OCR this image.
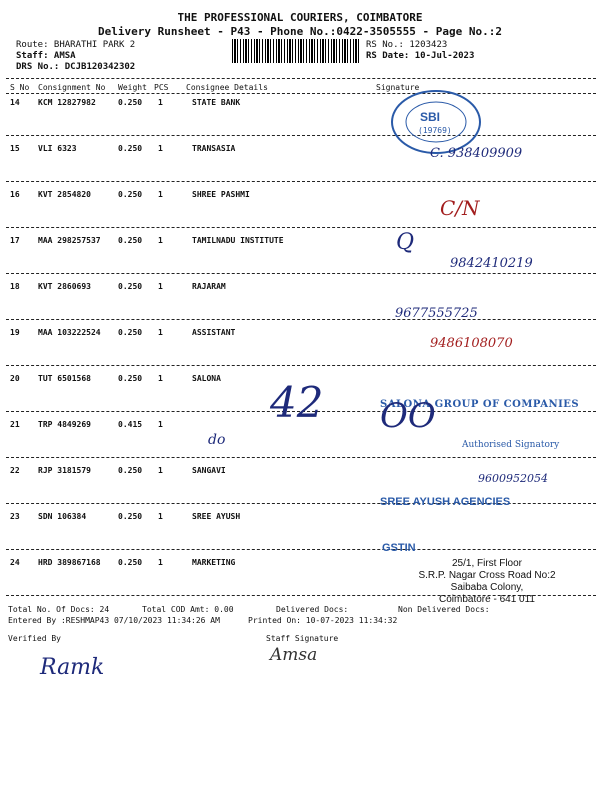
THE PROFESSIONAL COURIERS, COIMBATORE
Delivery Runsheet - P43 - Phone No.:0422-3505555 - Page No.:2
Route: BHARATHI PARK 2
Staff: AMSA
DRS No.: DCJB120342302
RS No.: 1203423
RS Date: 10-Jul-2023
S No Consignment No Weight PCS Consignee Details	Signature
14 KCM 12827982	0.250 1	STATE BANK
15 VLI 6323	0.250 1	TRANSASIA
16 KVT 2854820	0.250 1	SHREE PASHMI
17 MAA 298257537 0.250 1	TAMILNADU INSTITUTE
18 KVT 2860693	0.250 1	RAJARAM
19 MAA 103222524 0.250 1	ASSISTANT
20 TUT 6501568	0.250 1	SALONA
21 TRP 4849269	0.415 1
22 RJP 3181579	0.250 1	SANGAVI
23 SDN 106384	0.250 1	SREE AYUSH
24 HRD 389867168 0.250 1	MARKETING
SBI
(19769)
C. 938409909
C/N
Q
9842410219
9677555725
9486108070
SALONA GROUP OF COMPANIES
Authorised Signatory
42
do
OO
9600952054
SREE AYUSH AGENCIES
GSTIN
25/1, First Floor
S.R.P. Nagar Cross Road No:2
Saibaba Colony,
Coimbatore - 641 011
Total No. Of Docs: 24	Total COD Amt: 0.00	Delivered Docs:	Non Delivered Docs:
Entered By :RESHMAP43 07/10/2023 11:34:26 AM	Printed On: 10-07-2023 11:34:32
Verified By	Staff Signature
Ramk	Amsa
